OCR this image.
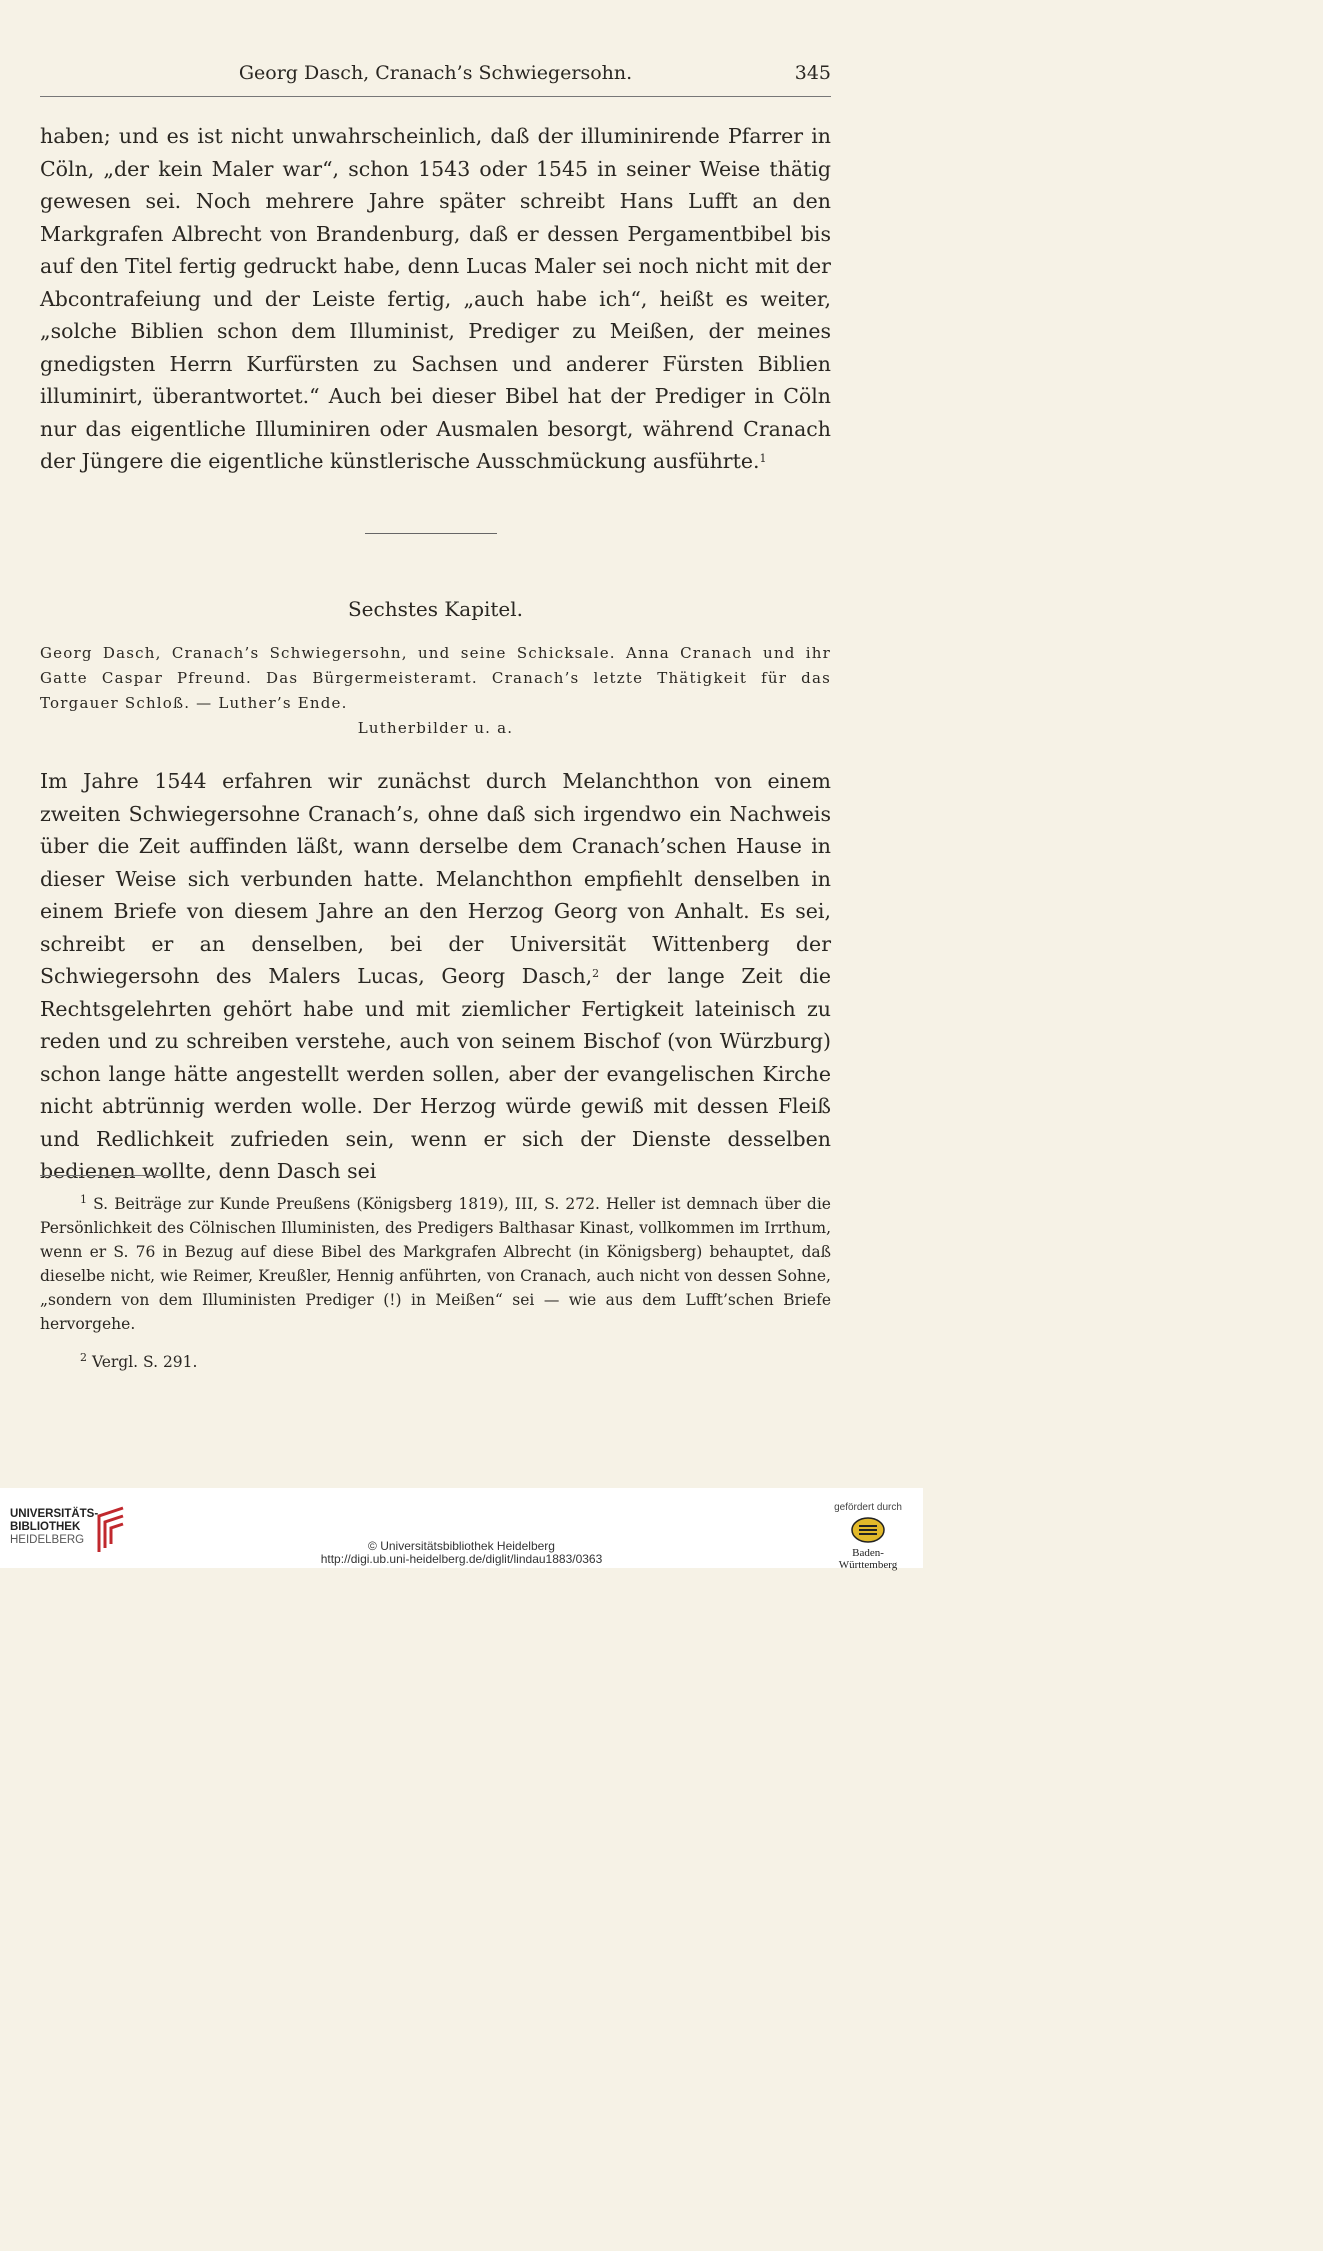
Georg Dasch, Cranach’s Schwiegersohn.	345

haben; und es ist nicht unwahrscheinlich, daß der illuminirende Pfarrer in Cöln, „der kein Maler war“, schon 1543 oder 1545 in seiner Weise thätig gewesen sei. Noch mehrere Jahre später schreibt Hans Lufft an den Markgrafen Albrecht von Brandenburg, daß er dessen Pergamentbibel bis auf den Titel fertig gedruckt habe, denn Lucas Maler sei noch nicht mit der Abcontrafeiung und der Leiste fertig, „auch habe ich“, heißt es weiter, „solche Biblien schon dem Illuminist, Prediger zu Meißen, der meines gnedigsten Herrn Kurfürsten zu Sachsen und anderer Fürsten Biblien illuminirt, überantwortet.“ Auch bei dieser Bibel hat der Prediger in Cöln nur das eigentliche Illuminiren oder Ausmalen besorgt, während Cranach der Jüngere die eigentliche künstlerische Ausschmückung ausführte.$^1$

Sechstes Kapitel.

Georg Dasch, Cranach’s Schwiegersohn, und seine Schicksale. Anna Cranach und ihr Gatte Caspar Pfreund. Das Bürgermeisteramt. Cranach’s letzte Thätigkeit für das Torgauer Schloß. — Luther’s Ende.
Lutherbilder u. a.

Im Jahre 1544 erfahren wir zunächst durch Melanchthon von einem zweiten Schwiegersohne Cranach’s, ohne daß sich irgendwo ein Nachweis über die Zeit auffinden läßt, wann derselbe dem Cranach’schen Hause in dieser Weise sich verbunden hatte. Melanchthon empfiehlt denselben in einem Briefe von diesem Jahre an den Herzog Georg von Anhalt. Es sei, schreibt er an denselben, bei der Universität Wittenberg der Schwiegersohn des Malers Lucas, Georg Dasch,$^2$ der lange Zeit die Rechtsgelehrten gehört habe und mit ziemlicher Fertigkeit lateinisch zu reden und zu schreiben verstehe, auch von seinem Bischof (von Würzburg) schon lange hätte angestellt werden sollen, aber der evangelischen Kirche nicht abtrünnig werden wolle. Der Herzog würde gewiß mit dessen Fleiß und Redlichkeit zufrieden sein, wenn er sich der Dienste desselben bedienen wollte, denn Dasch sei

$^1$ S. Beiträge zur Kunde Preußens (Königsberg 1819), III, S. 272. Heller ist demnach über die Persönlichkeit des Cölnischen Illuministen, des Predigers Balthasar Kinast, vollkommen im Irrthum, wenn er S. 76 in Bezug auf diese Bibel des Markgrafen Albrecht (in Königsberg) behauptet, daß dieselbe nicht, wie Reimer, Kreußler, Hennig anführten, von Cranach, auch nicht von dessen Sohne, „sondern von dem Illuministen Prediger (!) in Meißen“ sei — wie aus dem Lufft’schen Briefe hervorgehe.

$^2$ Vergl. S. 291.

UNIVERSITÄTS-
BIBLIOTHEK
HEIDELBERG	© Universitätsbibliothek Heidelberg
http://digi.ub.uni-heidelberg.de/diglit/lindau1883/0363
gefördert durch
Baden-Württemberg
